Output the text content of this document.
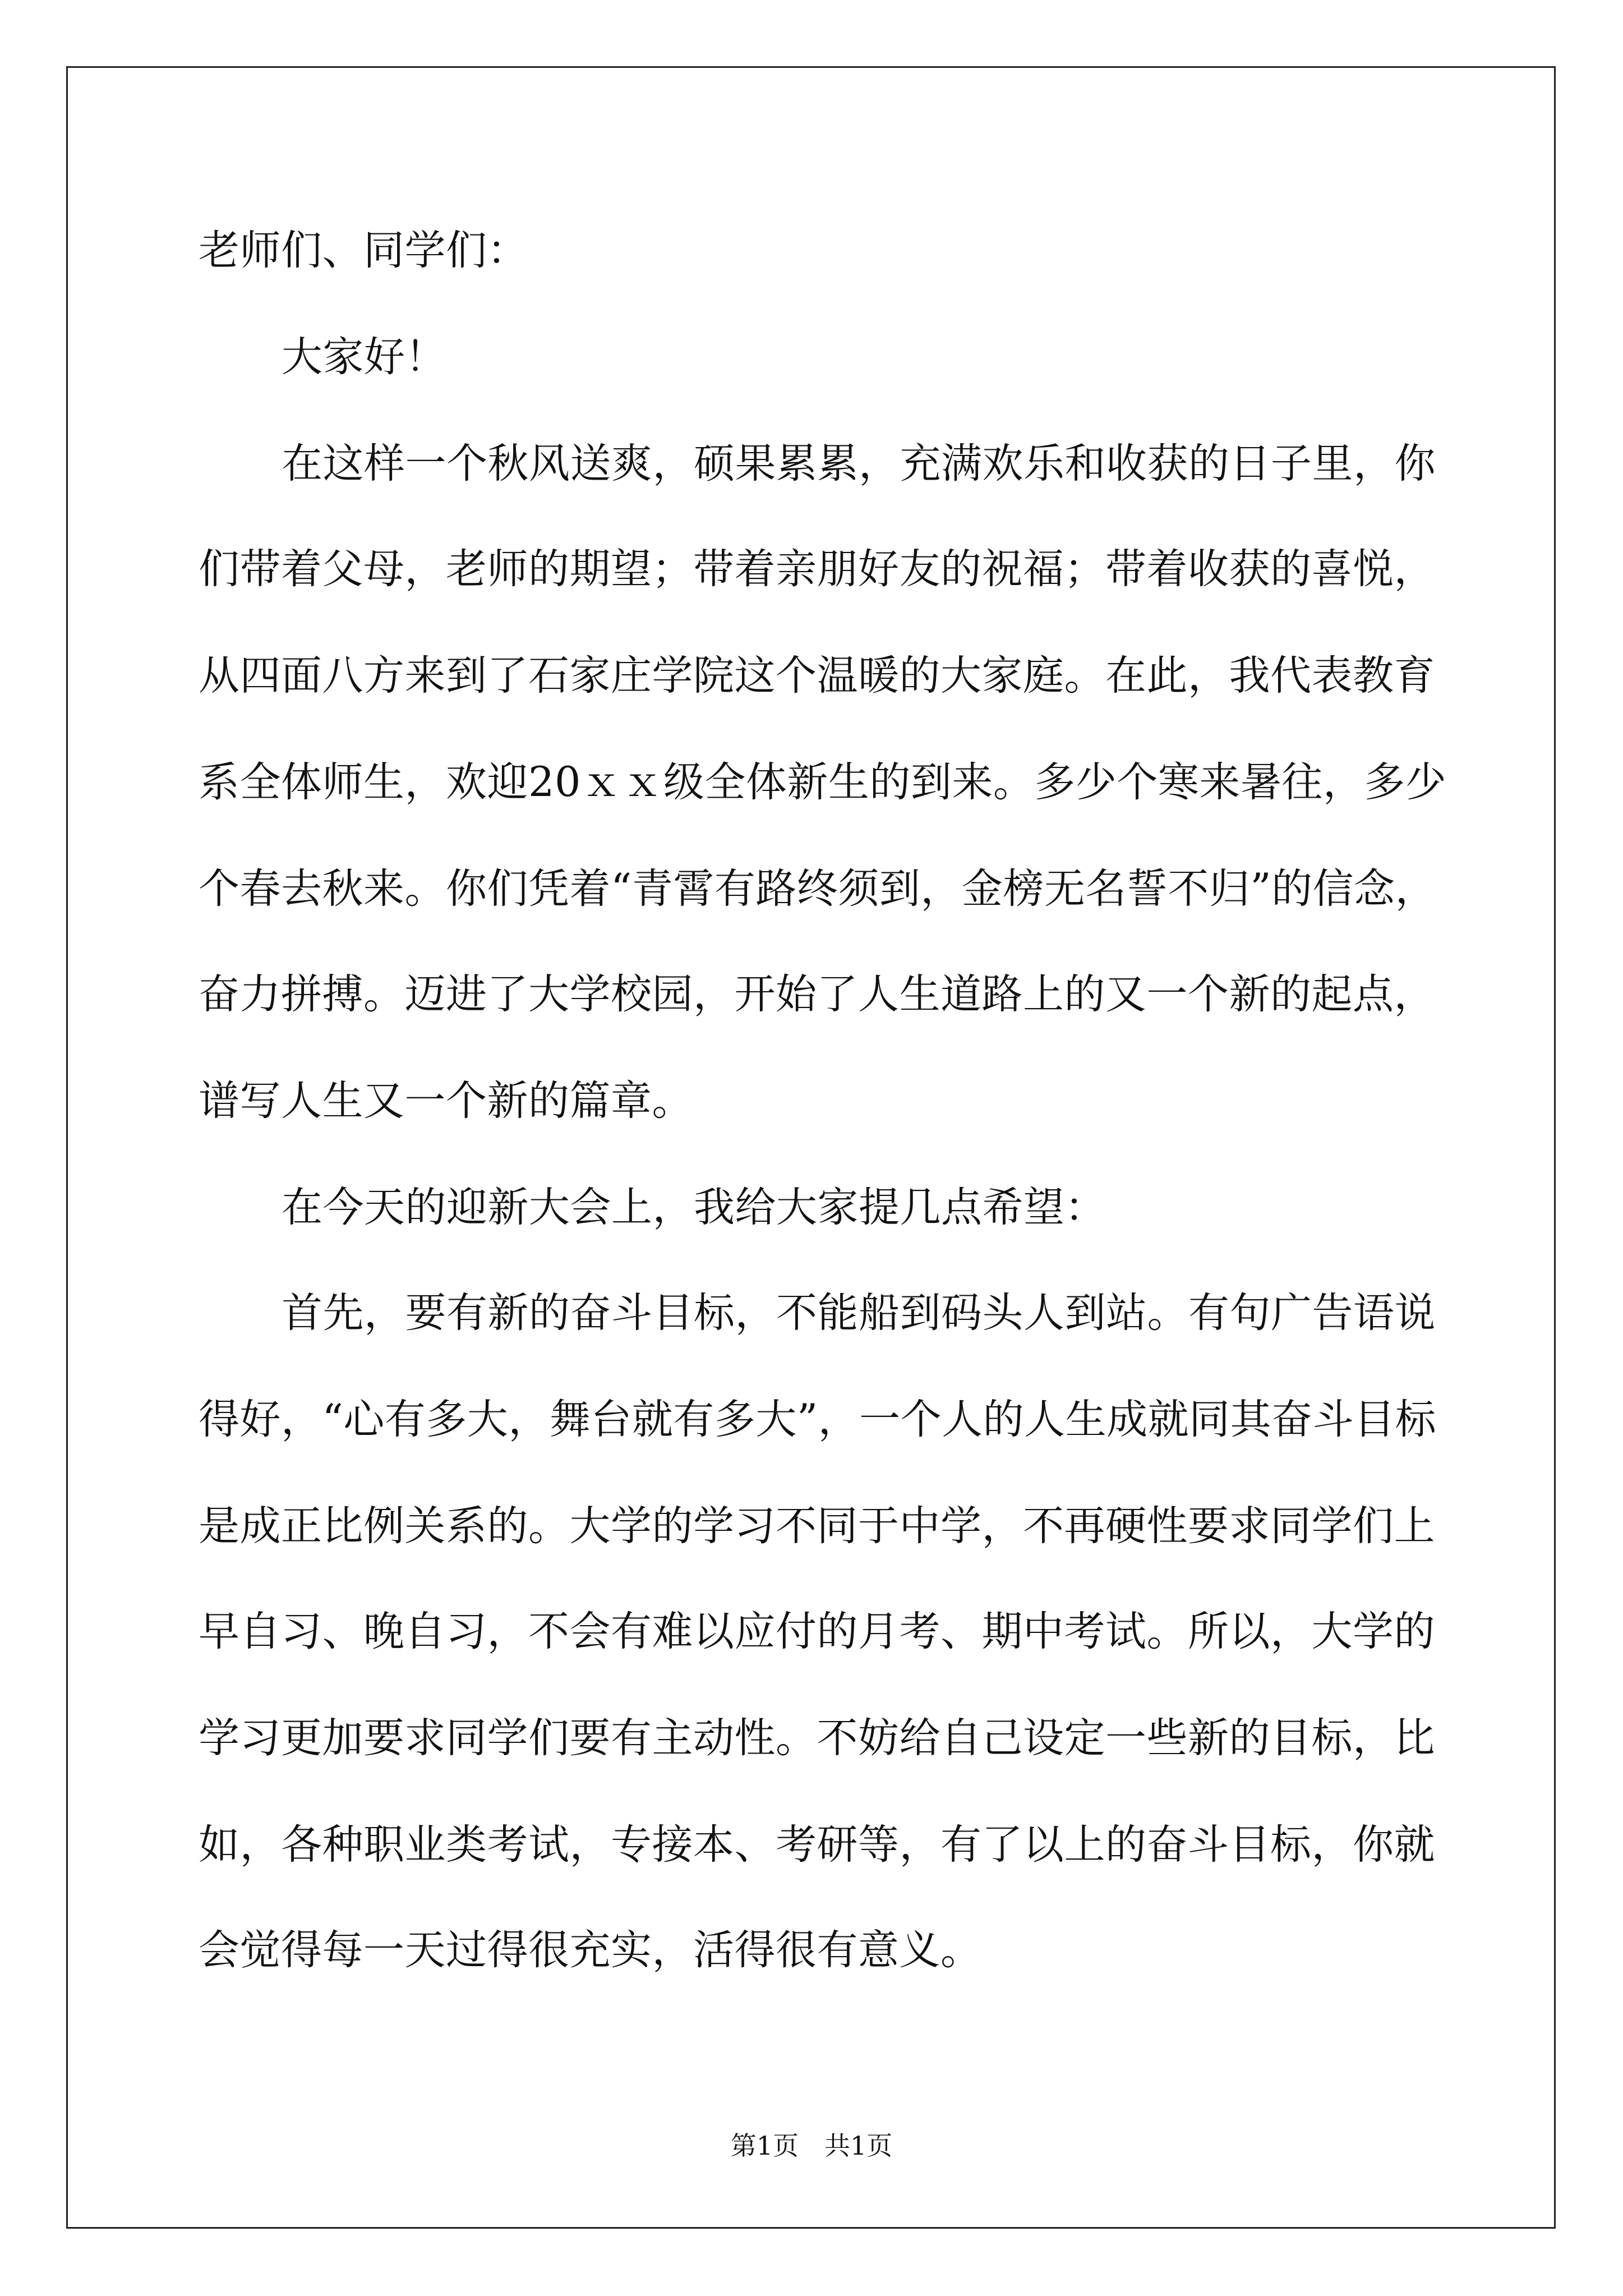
老师们、同学们：
大家好！
在这样一个秋风送爽，硕果累累，充满欢乐和收获的日子里，你
们带着父母，老师的期望；带着亲朋好友的祝福；带着收获的喜悦，
从四面八方来到了石家庄学院这个温暖的大家庭。在此，我代表教育
系全体师生，欢迎20ｘｘ级全体新生的到来。多少个寒来暑往，多少
个春去秋来。你们凭着“青霄有路终须到，金榜无名誓不归”的信念，
奋力拼搏。迈进了大学校园，开始了人生道路上的又一个新的起点，
谱写人生又一个新的篇章。
在今天的迎新大会上，我给大家提几点希望：
首先，要有新的奋斗目标，不能船到码头人到站。有句广告语说
得好，“心有多大，舞台就有多大”，一个人的人生成就同其奋斗目标
是成正比例关系的。大学的学习不同于中学，不再硬性要求同学们上
早自习、晚自习，不会有难以应付的月考、期中考试。所以，大学的
学习更加要求同学们要有主动性。不妨给自己设定一些新的目标，比
如，各种职业类考试，专接本、考研等，有了以上的奋斗目标，你就
会觉得每一天过得很充实，活得很有意义。
第1页　共1页
